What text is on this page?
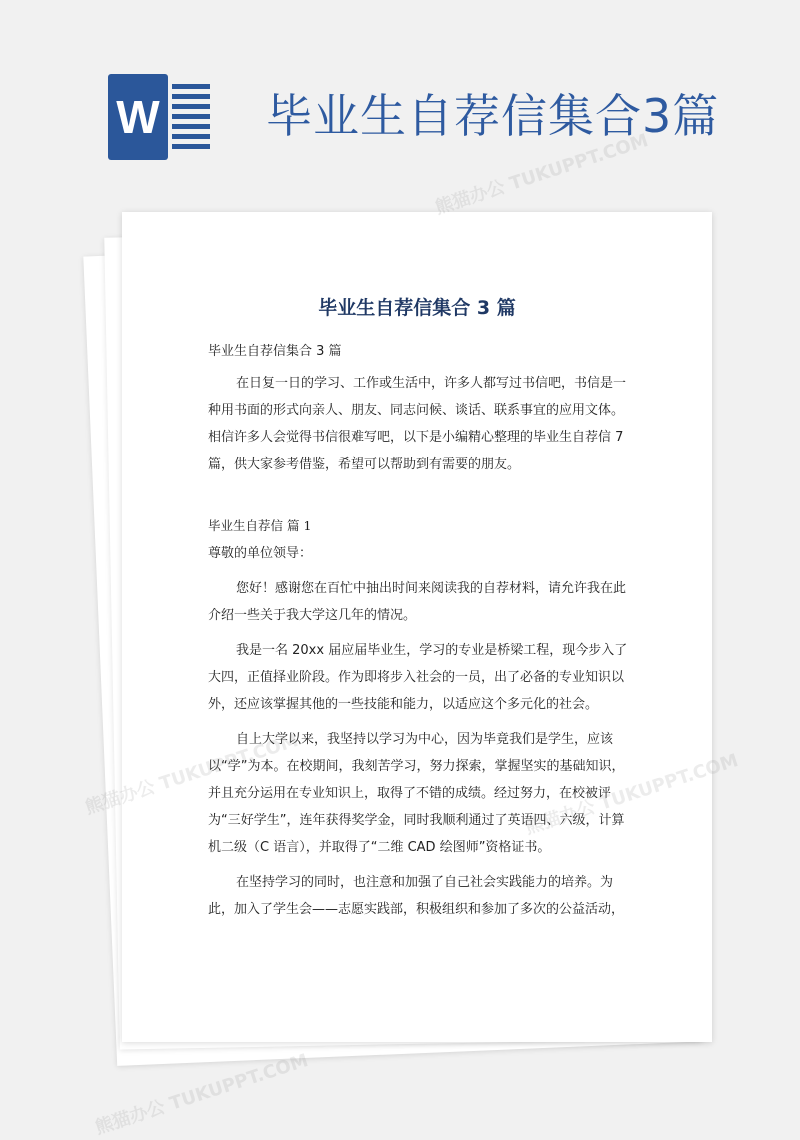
W 毕业生自荐信集合3篇
毕业生自荐信集合 3 篇

毕业生自荐信集合 3 篇

在日复一日的学习、工作或生活中，许多人都写过书信吧，书信是一种用书面的形式向亲人、朋友、同志问候、谈话、联系事宜的应用文体。相信许多人会觉得书信很难写吧，以下是小编精心整理的毕业生自荐信 7 篇，供大家参考借鉴，希望可以帮助到有需要的朋友。

毕业生自荐信 篇 1

尊敬的单位领导：

您好！感谢您在百忙中抽出时间来阅读我的自荐材料，请允许我在此介绍一些关于我大学这几年的情况。

我是一名 20xx 届应届毕业生，学习的专业是桥梁工程，现今步入了大四，正值择业阶段。作为即将步入社会的一员，出了必备的专业知识以外，还应该掌握其他的一些技能和能力，以适应这个多元化的社会。

自上大学以来，我坚持以学习为中心，因为毕竟我们是学生，应该以“学”为本。在校期间，我刻苦学习，努力探索，掌握坚实的基础知识，并且充分运用在专业知识上，取得了不错的成绩。经过努力，在校被评为“三好学生”，连年获得奖学金，同时我顺利通过了英语四、六级，计算机二级（C 语言），并取得了“二维 CAD 绘图师”资格证书。

在坚持学习的同时，也注意和加强了自己社会实践能力的培养。为此，加入了学生会——志愿实践部，积极组织和参加了多次的公益活动，

熊猫办公 TUKUPPT.COM
熊猫办公 TUKUPPT.COM
